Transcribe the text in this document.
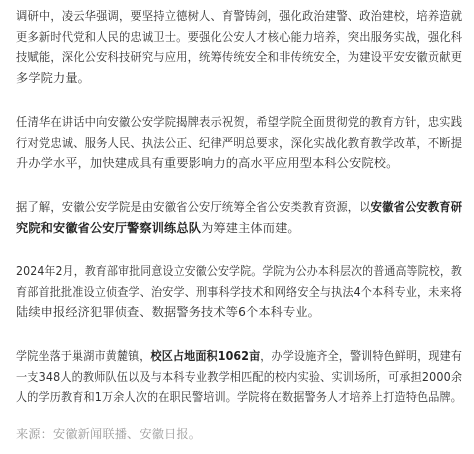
调研中，凌云华强调，要坚持立德树人、育警铸剑，强化政治建警、政治建校，培养造就
更多新时代党和人民的忠诚卫士。要强化公安人才核心能力培养，突出服务实战，强化科
技赋能，深化公安科技研究与应用，统筹传统安全和非传统安全，为建设平安安徽贡献更
多学院力量。

任清华在讲话中向安徽公安学院揭牌表示祝贺，希望学院全面贯彻党的教育方针，忠实践
行对党忠诚、服务人民、执法公正、纪律严明总要求，深化实战化教育教学改革，不断提
升办学水平，加快建成具有重要影响力的高水平应用型本科公安院校。

据了解，安徽公安学院是由安徽省公安厅统筹全省公安类教育资源，以安徽省公安教育研
究院和安徽省公安厅警察训练总队为筹建主体而建。

2024年2月，教育部审批同意设立安徽公安学院。学院为公办本科层次的普通高等院校，教
育部首批批准设立侦查学、治安学、刑事科学技术和网络安全与执法4个本科专业，未来将
陆续申报经济犯罪侦查、数据警务技术等6个本科专业。

学院坐落于巢湖市黄麓镇，校区占地面积1062亩，办学设施齐全，警训特色鲜明，现建有
一支348人的教师队伍以及与本科专业教学相匹配的校内实验、实训场所，可承担2000余
人的学历教育和1万余人次的在职民警培训。学院将在数据警务人才培养上打造特色品牌。

来源：安徽新闻联播、安徽日报。
